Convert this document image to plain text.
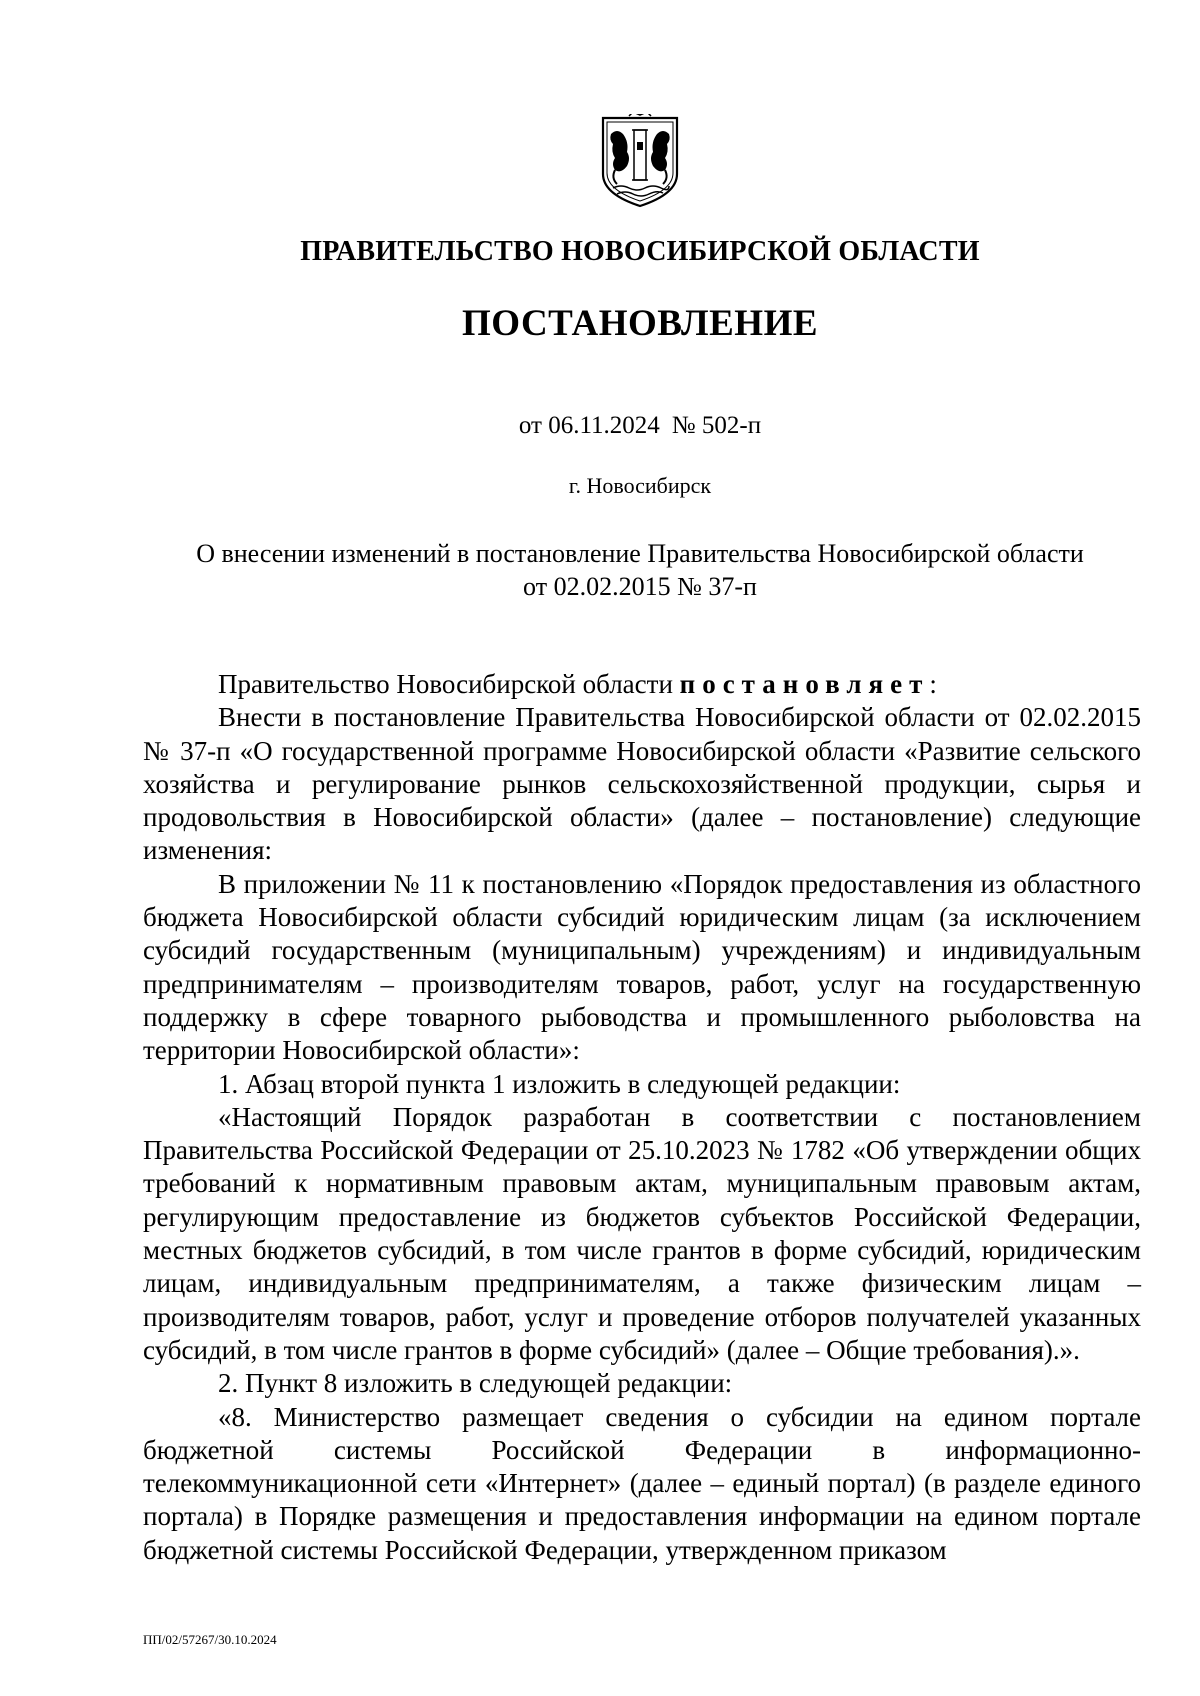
ПРАВИТЕЛЬСТВО НОВОСИБИРСКОЙ ОБЛАСТИ
ПОСТАНОВЛЕНИЕ
от 06.11.2024 № 502-п
г. Новосибирск
О внесении изменений в постановление Правительства Новосибирской области
от 02.02.2015 № 37-п

Правительство Новосибирской области постановляет:

Внести в постановление Правительства Новосибирской области от 02.02.2015 № 37-п «О государственной программе Новосибирской области «Развитие сельского хозяйства и регулирование рынков сельскохозяйственной продукции, сырья и продовольствия в Новосибирской области» (далее – постановление) следующие изменения:

В приложении № 11 к постановлению «Порядок предоставления из областного бюджета Новосибирской области субсидий юридическим лицам (за исключением субсидий государственным (муниципальным) учреждениям) и индивидуальным предпринимателям – производителям товаров, работ, услуг на государственную поддержку в сфере товарного рыбоводства и промышленного рыболовства на территории Новосибирской области»:

1. Абзац второй пункта 1 изложить в следующей редакции:

«Настоящий Порядок разработан в соответствии с постановлением Правительства Российской Федерации от 25.10.2023 № 1782 «Об утверждении общих требований к нормативным правовым актам, муниципальным правовым актам, регулирующим предоставление из бюджетов субъектов Российской Федерации, местных бюджетов субсидий, в том числе грантов в форме субсидий, юридическим лицам, индивидуальным предпринимателям, а также физическим лицам – производителям товаров, работ, услуг и проведение отборов получателей указанных субсидий, в том числе грантов в форме субсидий» (далее – Общие требования).».

2. Пункт 8 изложить в следующей редакции:

«8. Министерство размещает сведения о субсидии на едином портале бюджетной системы Российской Федерации в информационно-телекоммуникационной сети «Интернет» (далее – единый портал) (в разделе единого портала) в Порядке размещения и предоставления информации на едином портале бюджетной системы Российской Федерации, утвержденном приказом

ПП/02/57267/30.10.2024
